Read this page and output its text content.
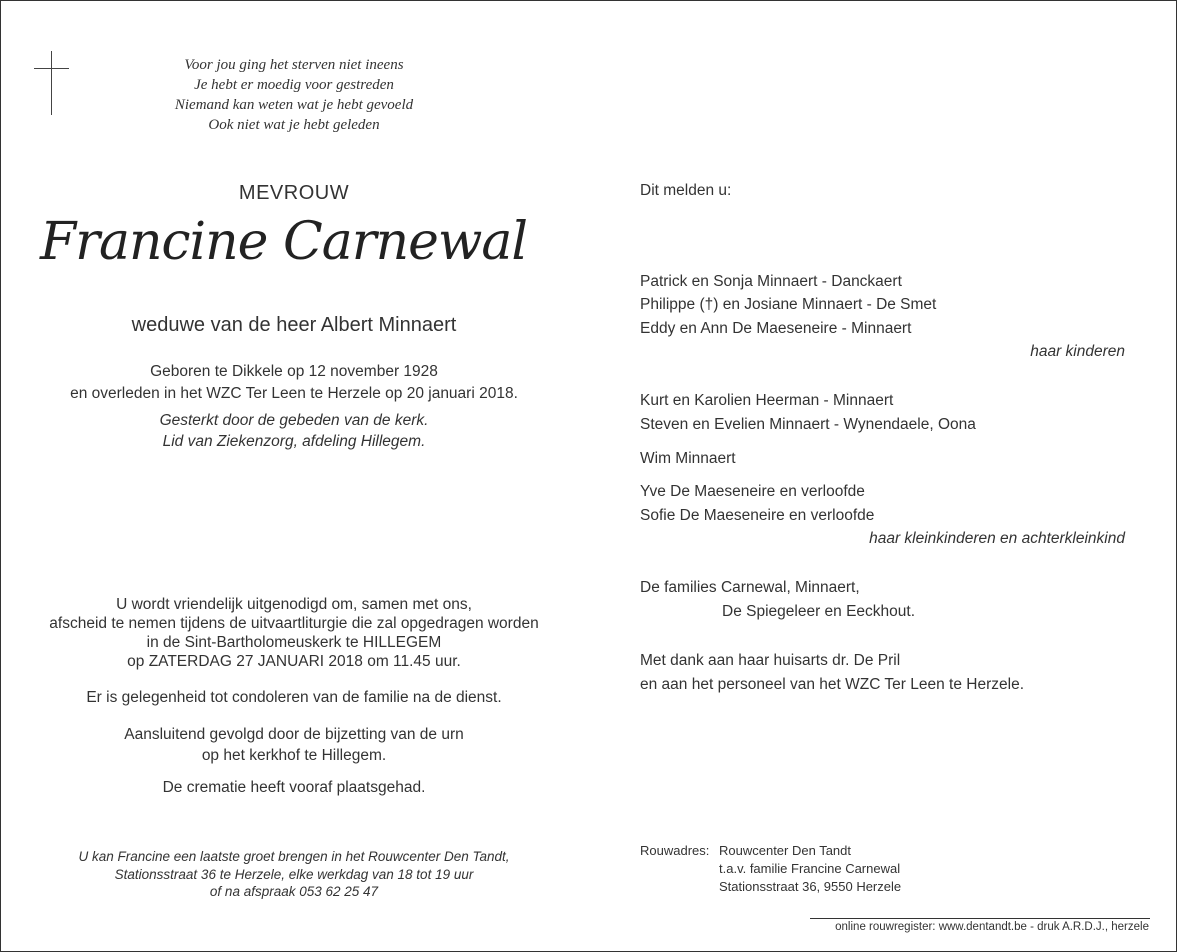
Voor jou ging het sterven niet ineens
Je hebt er moedig voor gestreden
Niemand kan weten wat je hebt gevoeld
Ook niet wat je hebt geleden
MEVROUW
Francine Carnewal
weduwe van de heer Albert Minnaert
Geboren te Dikkele op 12 november 1928
en overleden in het WZC Ter Leen te Herzele op 20 januari 2018.
Gesterkt door de gebeden van de kerk.
Lid van Ziekenzorg, afdeling Hillegem.
U wordt vriendelijk uitgenodigd om, samen met ons,
afscheid te nemen tijdens de uitvaartliturgie die zal opgedragen worden
in de Sint-Bartholomeuskerk te HILLEGEM
op ZATERDAG 27 JANUARI 2018 om 11.45 uur.
Er is gelegenheid tot condoleren van de familie na de dienst.
Aansluitend gevolgd door de bijzetting van de urn
op het kerkhof te Hillegem.
De crematie heeft vooraf plaatsgehad.
U kan Francine een laatste groet brengen in het Rouwcenter Den Tandt,
Stationsstraat 36 te Herzele, elke werkdag van 18 tot 19 uur
of na afspraak 053 62 25 47
Dit melden u:
Patrick en Sonja Minnaert - Danckaert
Philippe (†) en Josiane Minnaert - De Smet
Eddy en Ann De Maeseneire - Minnaert
haar kinderen
Kurt en Karolien Heerman - Minnaert
Steven en Evelien Minnaert - Wynendaele, Oona
Wim Minnaert
Yve De Maeseneire en verloofde
Sofie De Maeseneire en verloofde
haar kleinkinderen en achterkleinkind
De families Carnewal, Minnaert,
De Spiegeleer en Eeckhout.
Met dank aan haar huisarts dr. De Pril
en aan het personeel van het WZC Ter Leen te Herzele.
Rouwadres: Rouwcenter Den Tandt
t.a.v. familie Francine Carnewal
Stationsstraat 36, 9550 Herzele
online rouwregister: www.dentandt.be - druk A.R.D.J., herzele
